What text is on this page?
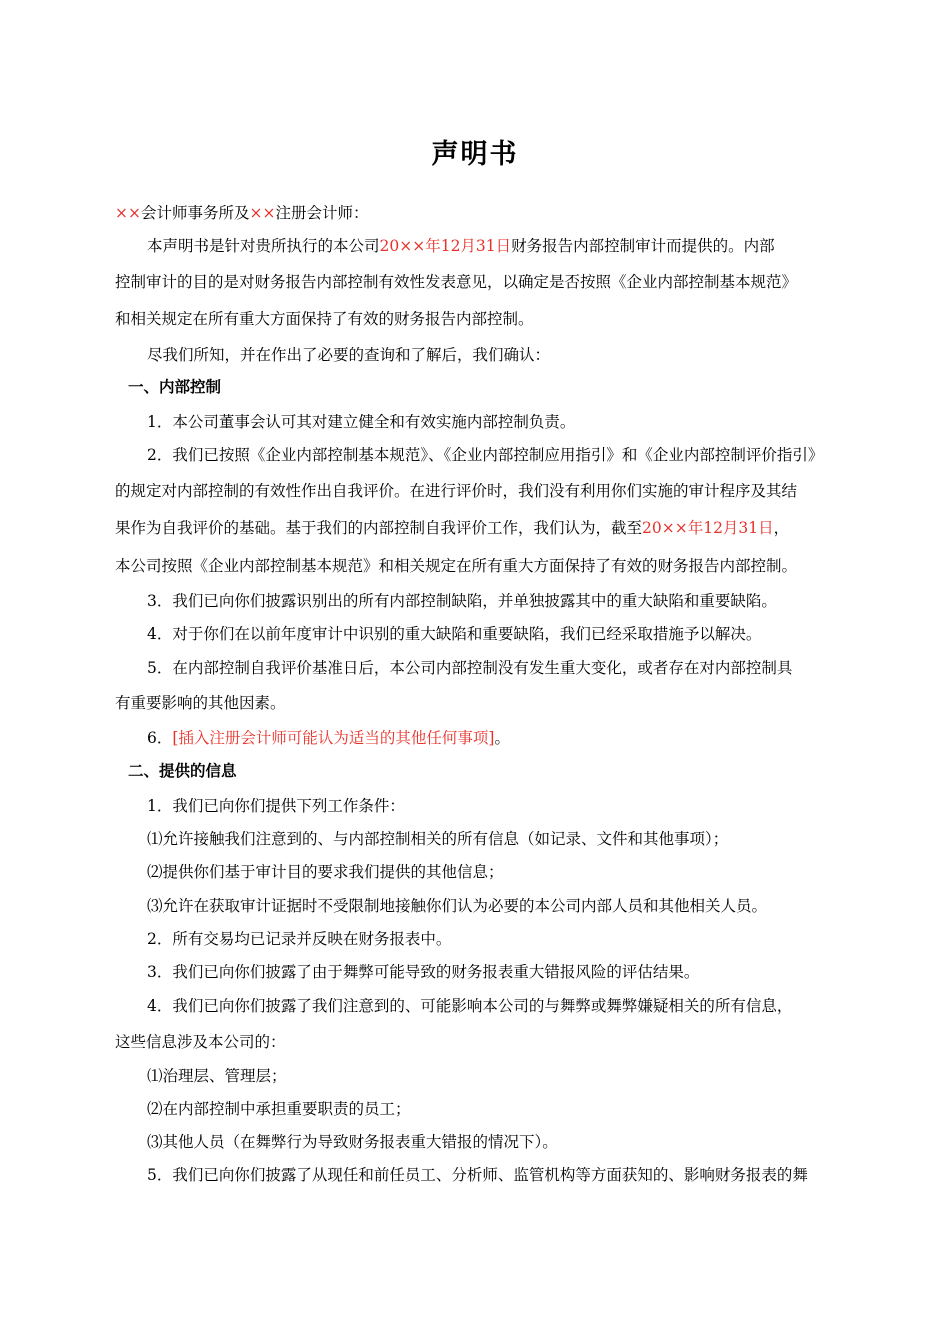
声明书
××会计师事务所及××注册会计师：
本声明书是针对贵所执行的本公司20××年12月31日财务报告内部控制审计而提供的。内部
控制审计的目的是对财务报告内部控制有效性发表意见，以确定是否按照《企业内部控制基本规范》
和相关规定在所有重大方面保持了有效的财务报告内部控制。
尽我们所知，并在作出了必要的查询和了解后，我们确认：
一、内部控制
1．本公司董事会认可其对建立健全和有效实施内部控制负责。
2．我们已按照《企业内部控制基本规范》、《企业内部控制应用指引》和《企业内部控制评价指引》
的规定对内部控制的有效性作出自我评价。在进行评价时，我们没有利用你们实施的审计程序及其结
果作为自我评价的基础。基于我们的内部控制自我评价工作，我们认为，截至20××年12月31日，
本公司按照《企业内部控制基本规范》和相关规定在所有重大方面保持了有效的财务报告内部控制。
3．我们已向你们披露识别出的所有内部控制缺陷，并单独披露其中的重大缺陷和重要缺陷。
4．对于你们在以前年度审计中识别的重大缺陷和重要缺陷，我们已经采取措施予以解决。
5．在内部控制自我评价基准日后，本公司内部控制没有发生重大变化，或者存在对内部控制具
有重要影响的其他因素。
6．[插入注册会计师可能认为适当的其他任何事项]。
二、提供的信息
1．我们已向你们提供下列工作条件：
⑴允许接触我们注意到的、与内部控制相关的所有信息（如记录、文件和其他事项）；
⑵提供你们基于审计目的要求我们提供的其他信息；
⑶允许在获取审计证据时不受限制地接触你们认为必要的本公司内部人员和其他相关人员。
2．所有交易均已记录并反映在财务报表中。
3．我们已向你们披露了由于舞弊可能导致的财务报表重大错报风险的评估结果。
4．我们已向你们披露了我们注意到的、可能影响本公司的与舞弊或舞弊嫌疑相关的所有信息，
这些信息涉及本公司的：
⑴治理层、管理层；
⑵在内部控制中承担重要职责的员工；
⑶其他人员（在舞弊行为导致财务报表重大错报的情况下）。
5．我们已向你们披露了从现任和前任员工、分析师、监管机构等方面获知的、影响财务报表的舞
